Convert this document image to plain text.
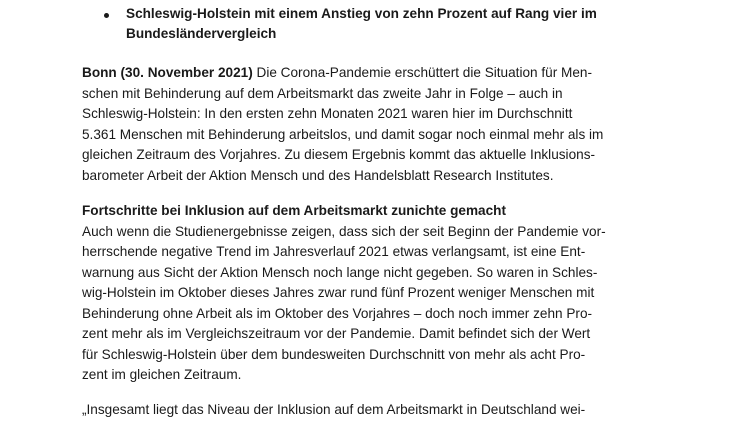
Schleswig-Holstein mit einem Anstieg von zehn Prozent auf Rang vier im
Bundesländervergleich
Bonn (30. November 2021) Die Corona-Pandemie erschüttert die Situation für Men-
schen mit Behinderung auf dem Arbeitsmarkt das zweite Jahr in Folge – auch in
Schleswig-Holstein: In den ersten zehn Monaten 2021 waren hier im Durchschnitt
5.361 Menschen mit Behinderung arbeitslos, und damit sogar noch einmal mehr als im
gleichen Zeitraum des Vorjahres. Zu diesem Ergebnis kommt das aktuelle Inklusions-
barometer Arbeit der Aktion Mensch und des Handelsblatt Research Institutes.
Fortschritte bei Inklusion auf dem Arbeitsmarkt zunichte gemacht
Auch wenn die Studienergebnisse zeigen, dass sich der seit Beginn der Pandemie vor-
herrschende negative Trend im Jahresverlauf 2021 etwas verlangsamt, ist eine Ent-
warnung aus Sicht der Aktion Mensch noch lange nicht gegeben. So waren in Schles-
wig-Holstein im Oktober dieses Jahres zwar rund fünf Prozent weniger Menschen mit
Behinderung ohne Arbeit als im Oktober des Vorjahres – doch noch immer zehn Pro-
zent mehr als im Vergleichszeitraum vor der Pandemie. Damit befindet sich der Wert
für Schleswig-Holstein über dem bundesweiten Durchschnitt von mehr als acht Pro-
zent im gleichen Zeitraum.
„Insgesamt liegt das Niveau der Inklusion auf dem Arbeitsmarkt in Deutschland wei-
